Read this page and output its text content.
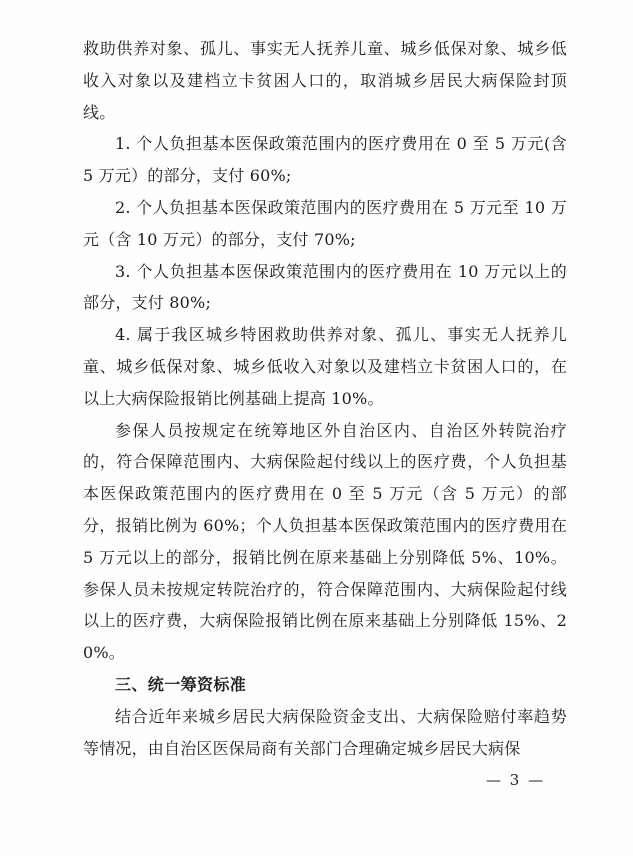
救助供养对象、孤儿、事实无人抚养儿童、城乡低保对象、城乡低收入对象以及建档立卡贫困人口的，取消城乡居民大病保险封顶线。

1. 个人负担基本医保政策范围内的医疗费用在 0 至 5 万元(含 5 万元）的部分，支付 60%;

2. 个人负担基本医保政策范围内的医疗费用在 5 万元至 10 万元（含 10 万元）的部分，支付 70%;

3. 个人负担基本医保政策范围内的医疗费用在 10 万元以上的部分，支付 80%;

4. 属于我区城乡特困救助供养对象、孤儿、事实无人抚养儿童、城乡低保对象、城乡低收入对象以及建档立卡贫困人口的，在以上大病保险报销比例基础上提高 10%。

参保人员按规定在统筹地区外自治区内、自治区外转院治疗的，符合保障范围内、大病保险起付线以上的医疗费，个人负担基本医保政策范围内的医疗费用在 0 至 5 万元（含 5 万元）的部分，报销比例为 60%；个人负担基本医保政策范围内的医疗费用在 5 万元以上的部分，报销比例在原来基础上分别降低 5%、10%。参保人员未按规定转院治疗的，符合保障范围内、大病保险起付线以上的医疗费，大病保险报销比例在原来基础上分别降低 15%、20%。

三、统一筹资标准

结合近年来城乡居民大病保险资金支出、大病保险赔付率趋势等情况，由自治区医保局商有关部门合理确定城乡居民大病保

— 3 —
